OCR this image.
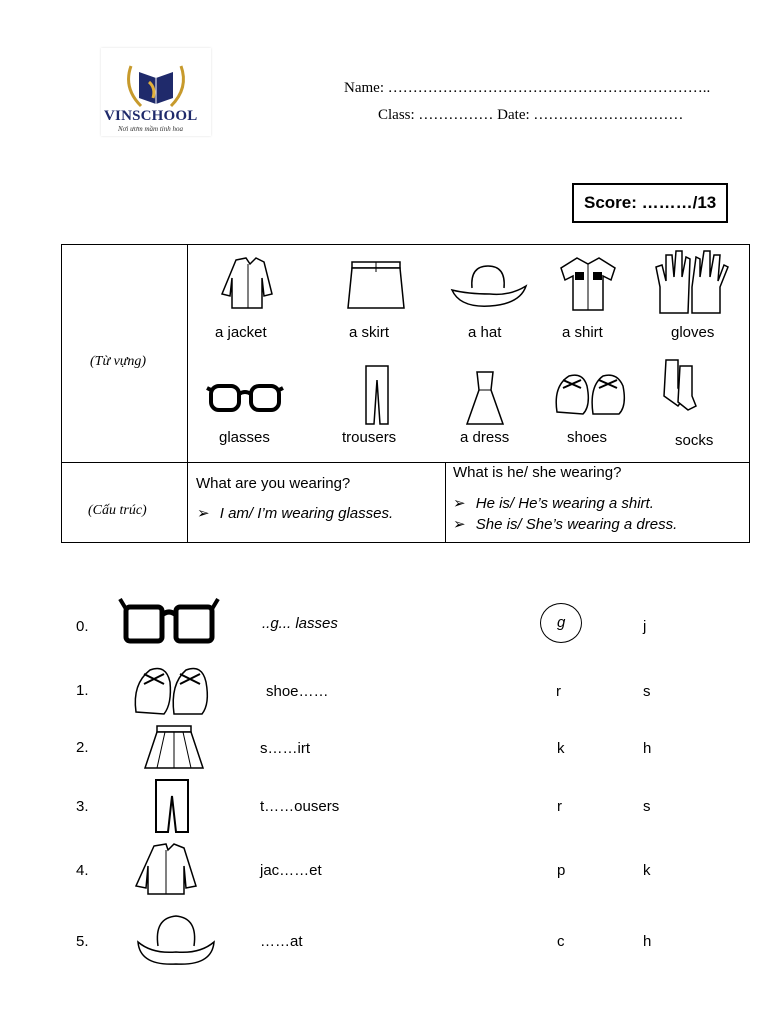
VINSCHOOL
Nơi ươm mầm tinh hoa
Name: ………………………………………………………..
Class: …………… Date: …………………………
Score: ………/13
(Từ vựng)
(Cấu trúc)
a jacket	a skirt	a hat	a shirt	gloves
glasses	trousers	a dress	shoes	socks
What are you wearing?
➢ I am/ I’m wearing glasses.
What is he/ she wearing?
➢ He is/ He’s wearing a shirt.
➢ She is/ She’s wearing a dress.
0.	..g... lasses	g	j
1.	shoe……	r	s
2.	s……irt	k	h
3.	t……ousers	r	s
4.	jac……et	p	k
5.	……at	c	h
